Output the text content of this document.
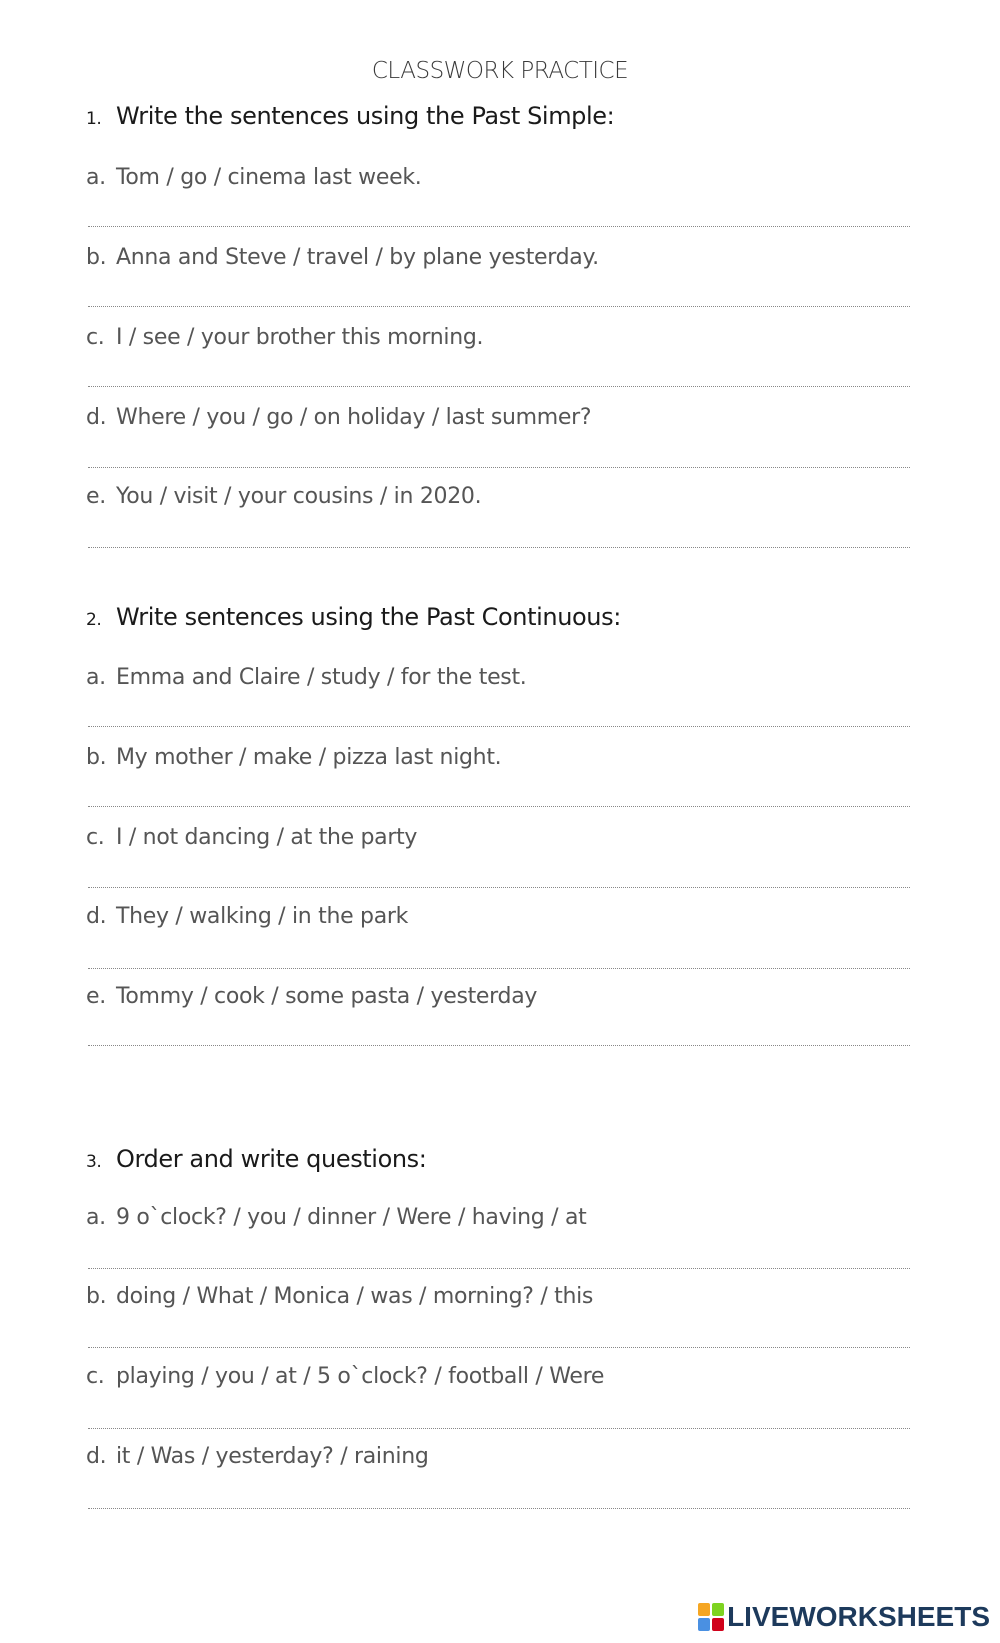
CLASSWORK PRACTICE
1. Write the sentences using the Past Simple:
a. Tom / go / cinema last week.
b. Anna and Steve / travel / by plane yesterday.
c. I / see / your brother this morning.
d. Where / you / go / on holiday / last summer?
e. You / visit / your cousins / in 2020.
2. Write sentences using the Past Continuous:
a. Emma and Claire / study / for the test.
b. My mother / make / pizza last night.
c. I / not dancing / at the party
d. They / walking / in the park
e. Tommy / cook / some pasta / yesterday
3. Order and write questions:
a. 9 o`clock? / you / dinner / Were / having / at
b. doing / What / Monica / was / morning? / this
c. playing / you / at / 5 o`clock? / football / Were
d. it / Was / yesterday? / raining
LIVEWORKSHEETS
